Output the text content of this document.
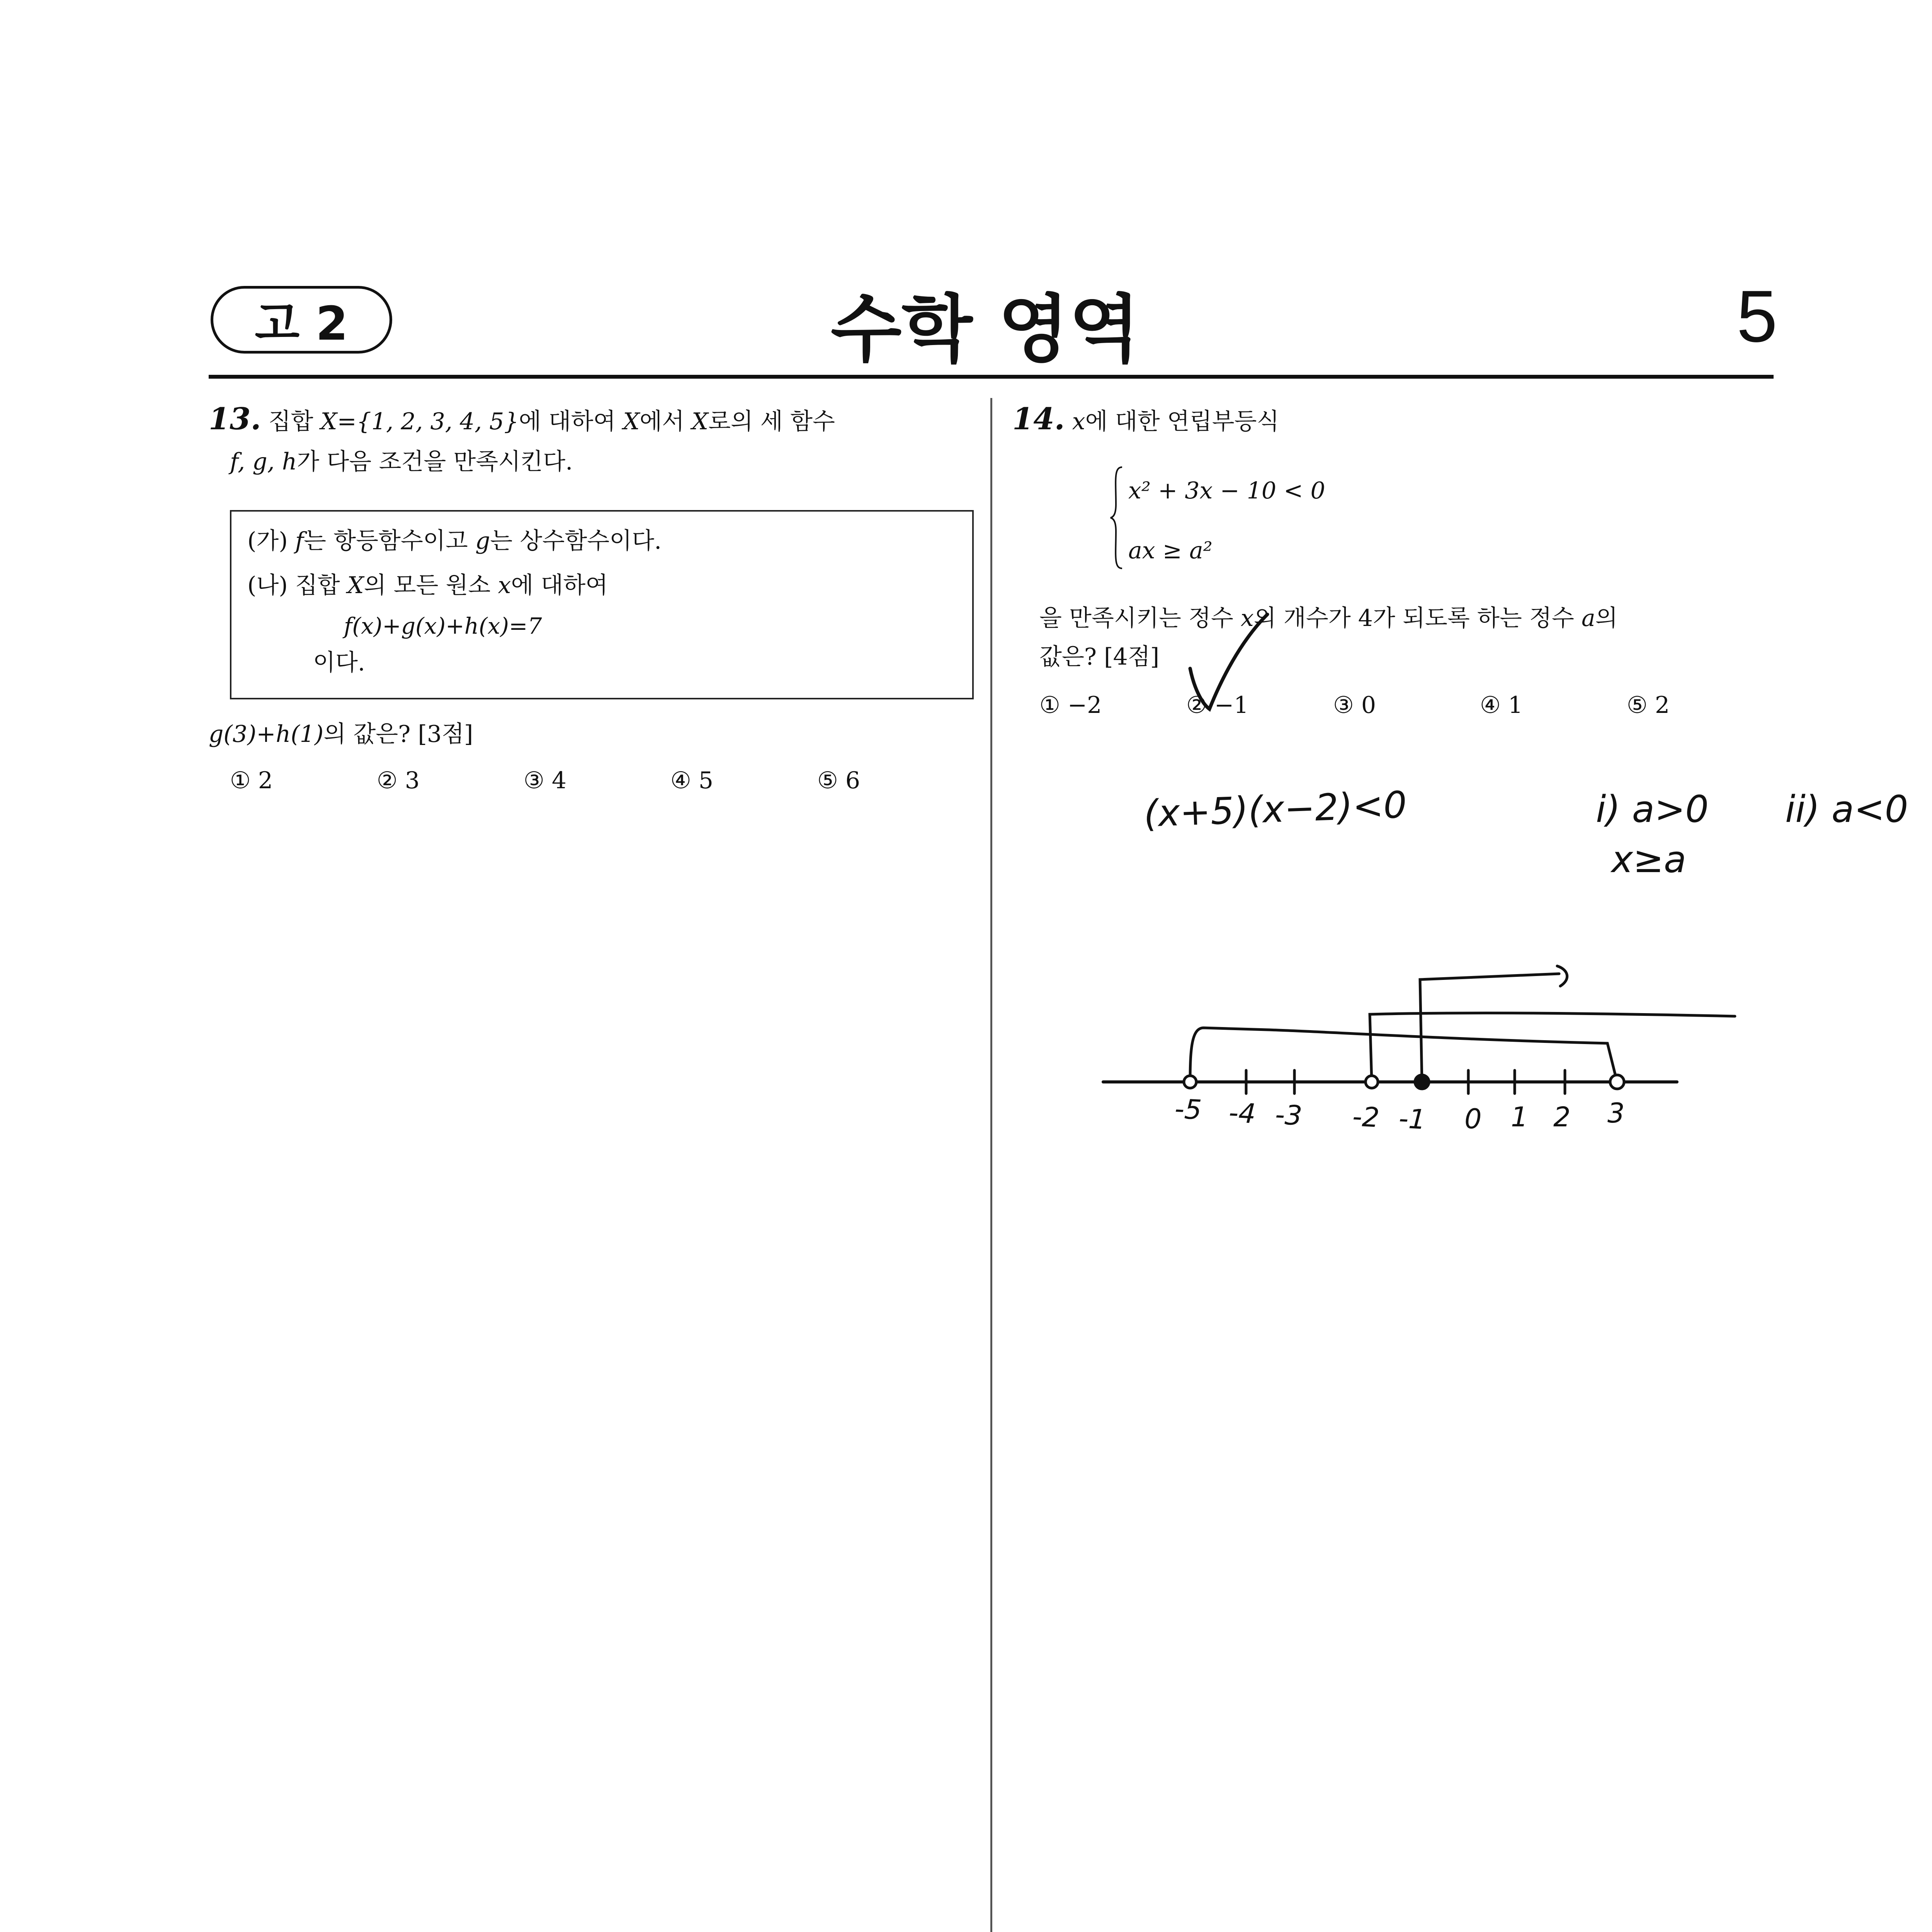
고 2	수학 영역	5
13. 집합 X={1, 2, 3, 4, 5}에 대하여 X에서 X로의 세 함수
f, g, h가 다음 조건을 만족시킨다.
(가) f는 항등함수이고 g는 상수함수이다.
(나) 집합 X의 모든 원소 x에 대하여
f(x)+g(x)+h(x)=7
이다.
g(3)+h(1)의 값은? [3점]
① 2	② 3	③ 4	④ 5	⑤ 6
14. x에 대한 연립부등식
x² + 3x − 10 < 0
ax ≥ a²
을 만족시키는 정수 x의 개수가 4가 되도록 하는 정수 a의
값은? [4점]
① −2	② −1	③ 0	④ 1	⑤ 2
(x+5)(x−2)<0	i) a>0
x≥a
ii) a<0
-5 -4 -3 -2 -1 0 1 2 3
